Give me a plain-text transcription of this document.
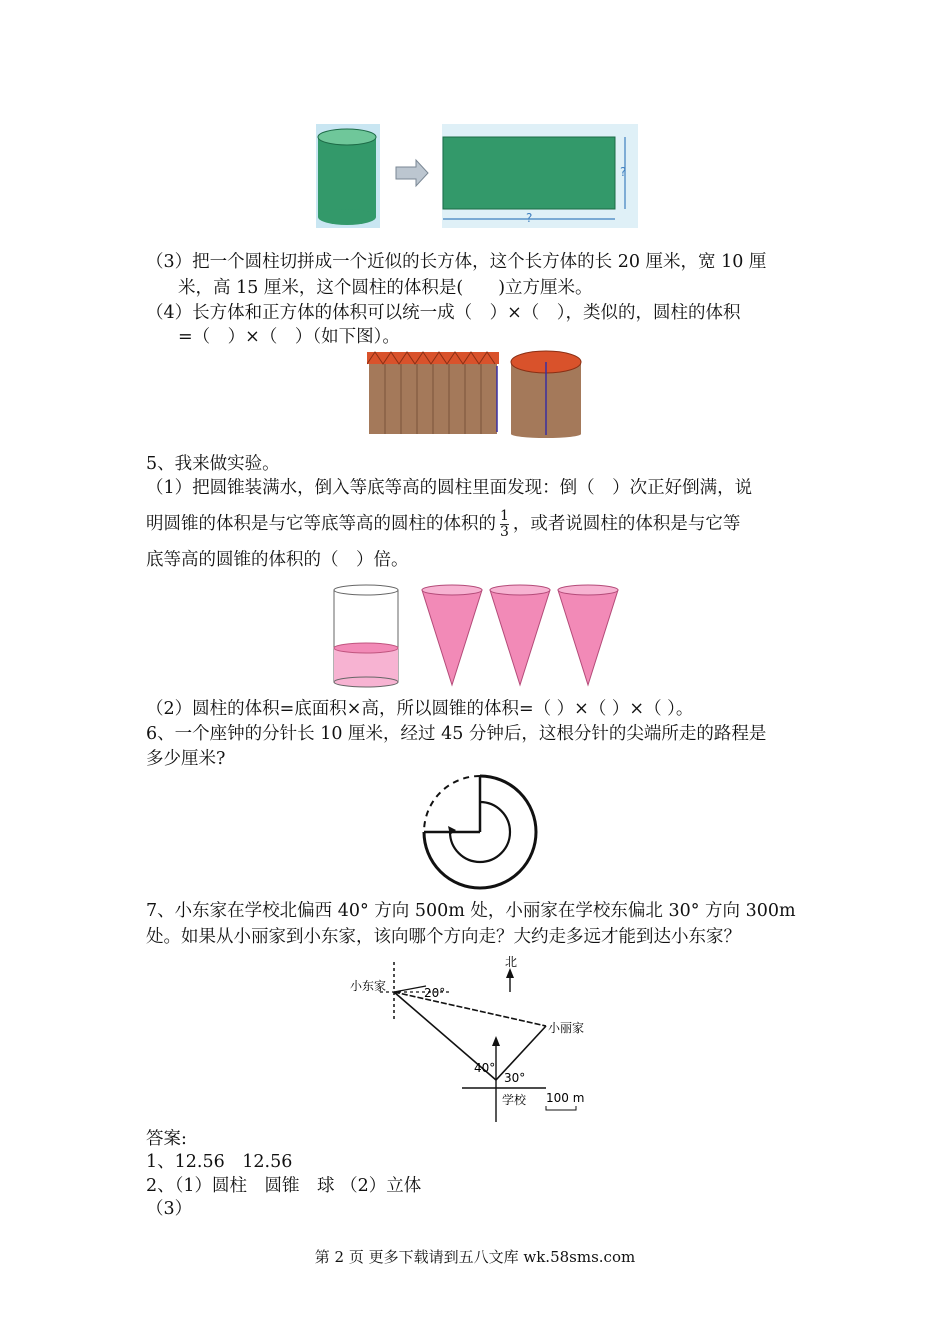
?
?
（3）把一个圆柱切拼成一个近似的长方体，这个长方体的长 20 厘米，宽 10 厘
米，高 15 厘米，这个圆柱的体积是(　　)立方厘米。
（4）长方体和正方体的体积可以统一成（　）×（　），类似的，圆柱的体积
=（　）×（　）（如下图）。
5、我来做实验。
（1）把圆锥装满水，倒入等底等高的圆柱里面发现：倒（　）次正好倒满，说
明圆锥的体积是与它等底等高的圆柱的体积的 $\frac{1}{3}$ ，或者说圆柱的体积是与它等
底等高的圆锥的体积的（　）倍。
（2）圆柱的体积=底面积×高，所以圆锥的体积=（ ）×（ ）×（ ）。
6、一个座钟的分针长 10 厘米，经过 45 分钟后，这根分针的尖端所走的路程是
多少厘米?
7、小东家在学校北偏西 40° 方向 500m 处，小丽家在学校东偏北 30° 方向 300m
处。如果从小丽家到小东家，该向哪个方向走？大约走多远才能到达小东家？
北
小东家	20°
小丽家
40°
30°
学校 100 m
答案:
1、12.56　12.56
2、（1）圆柱　圆锥　球 （2）立体
（3）
第 2 页 更多下载请到五八文库 wk.58sms.com
